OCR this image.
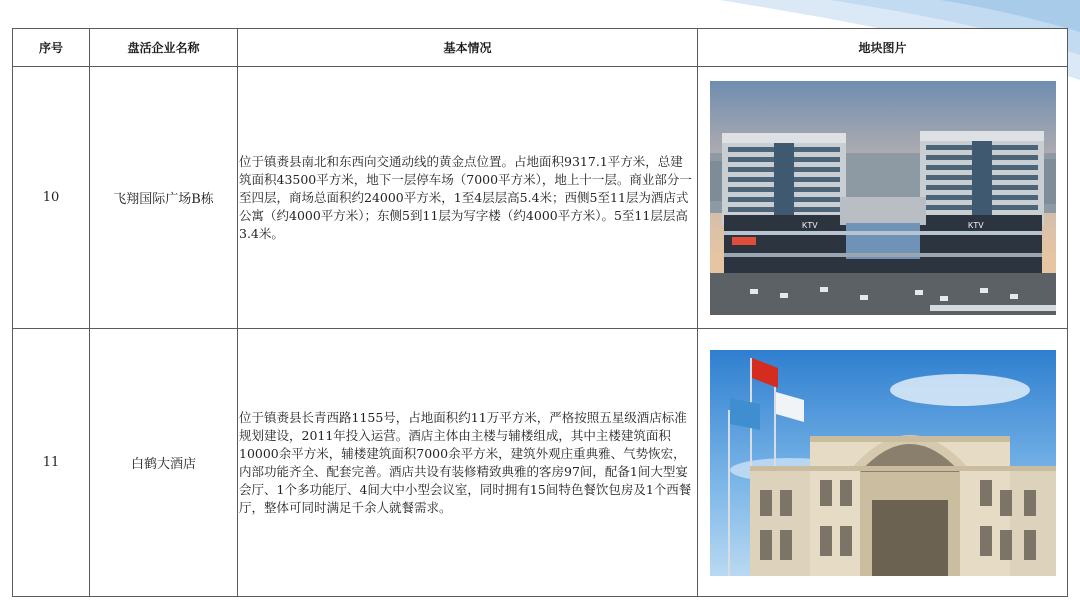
序号	盘活企业名称	基本情况	地块图片
10	飞翔国际广场B栋	位于镇赉县南北和东西向交通动线的黄金点位置。占地面积9317.1平方米，总建筑面积43500平方米，地下一层停车场（7000平方米），地上十一层。商业部分一至四层，商场总面积约24000平方米，1至4层层高5.4米；西侧5至11层为酒店式公寓（约4000平方米）；东侧5到11层为写字楼（约4000平方米）。5至11层层高3.4米。	KTV KTV

11	白鹤大酒店	位于镇赉县长青西路1155号，占地面积约11万平方米，严格按照五星级酒店标准规划建设，2011年投入运营。酒店主体由主楼与辅楼组成，其中主楼建筑面积10000余平方米，辅楼建筑面积7000余平方米，建筑外观庄重典雅、气势恢宏，内部功能齐全、配套完善。酒店共设有装修精致典雅的客房97间，配备1间大型宴会厅、1个多功能厅、4间大中小型会议室，同时拥有15间特色餐饮包房及1个西餐厅，整体可同时满足千余人就餐需求。	
